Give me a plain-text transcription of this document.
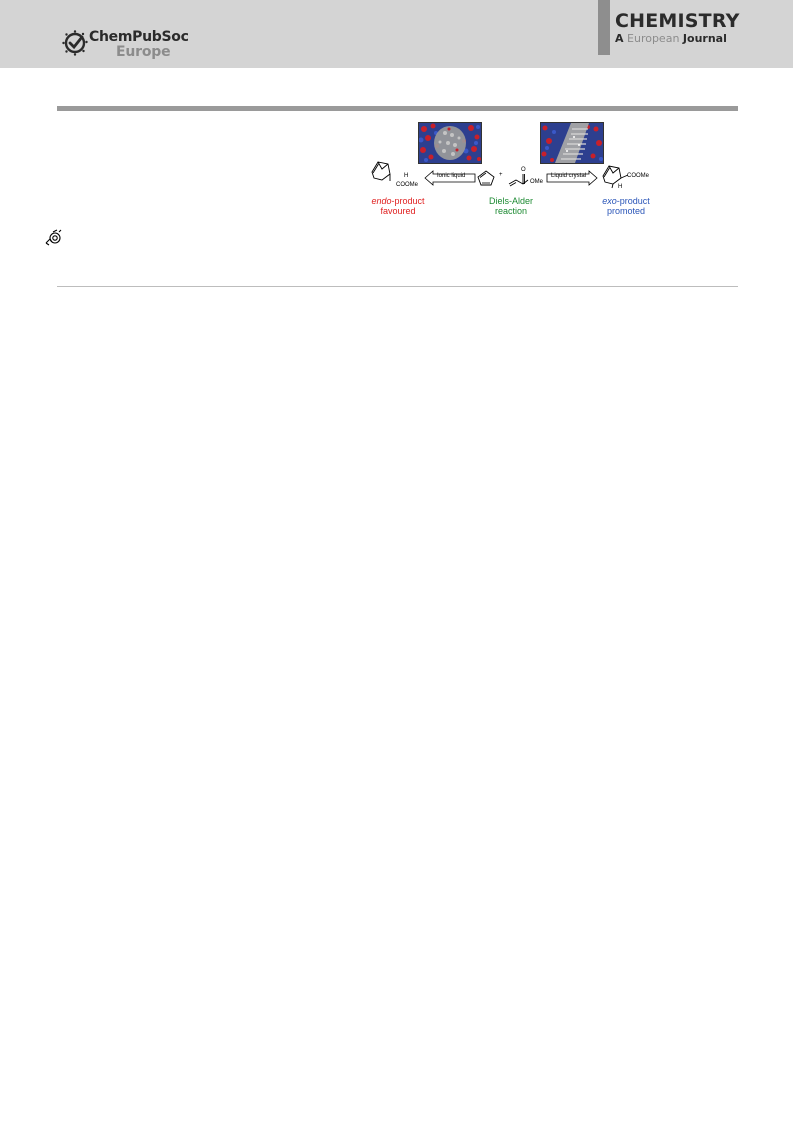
ChemPubSoc
Europe
CHEMISTRY
A European Journal
H
COOMe
Ionic liquid	+
O
OMe
Liquid crystal	COOMe
H
endo-product
favoured
Diels-Alder
reaction
exo-product
promoted
